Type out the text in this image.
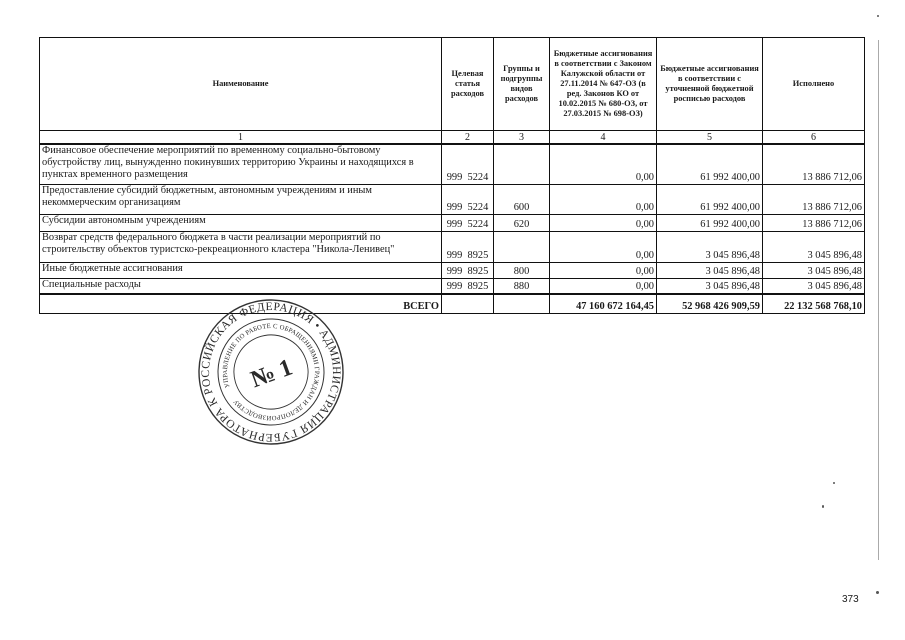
Наименование	Целевая статья расходов	Группы и подгруппы видов расходов	Бюджетные ассигнования в соответствии с Законом Калужской области от 27.11.2014 № 647-ОЗ (в ред. Законов КО от 10.02.2015 № 680-ОЗ, от 27.03.2015 № 698-ОЗ)	Бюджетные ассигнования в соответствии с уточненной бюджетной росписью расходов	Исполнено
1	2	3	4	5	6
Финансовое обеспечение мероприятий по временному социально-бытовому обустройству лиц, вынужденно покинувших территорию Украины и находящихся в пунктах временного размещения	999 5224		0,00	61 992 400,00	13 886 712,06
Предоставление субсидий бюджетным, автономным учреждениям и иным некоммерческим организациям	999 5224	600	0,00	61 992 400,00	13 886 712,06
Субсидии автономным учреждениям	999 5224	620	0,00	61 992 400,00	13 886 712,06
Возврат средств федерального бюджета в части реализации мероприятий по строительству объектов туристско-рекреационного кластера "Никола-Ленивец"	999 8925		0,00	3 045 896,48	3 045 896,48
Иные бюджетные ассигнования	999 8925	800	0,00	3 045 896,48	3 045 896,48
Специальные расходы	999 8925	880	0,00	3 045 896,48	3 045 896,48
ВСЕГО			47 160 672 164,45	52 968 426 909,59	22 132 568 768,10
РОССИЙСКАЯ ФЕДЕРАЦИЯ • АДМИНИСТРАЦИЯ ГУБЕРНАТОРА КАЛУЖСКОЙ
УПРАВЛЕНИЕ ПО РАБОТЕ С ОБРАЩЕНИЯМИ ГРАЖДАН И ДЕЛОПРОИЗВОДСТВУ
№ 1
373
